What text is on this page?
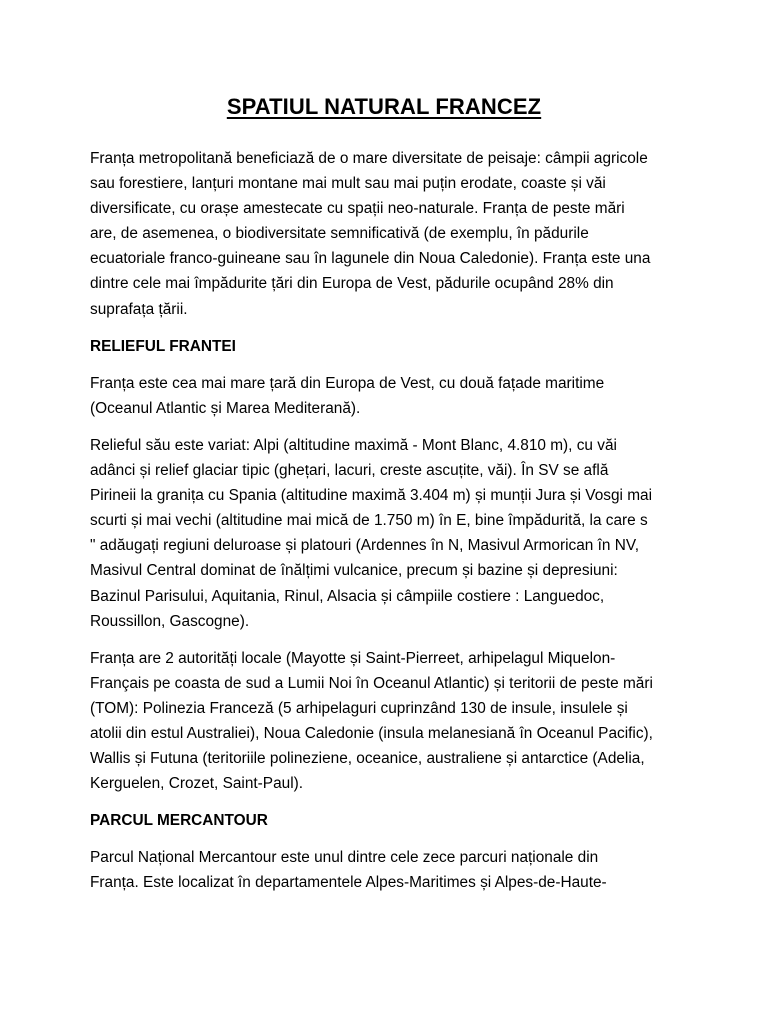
SPATIUL NATURAL FRANCEZ

Franța metropolitană beneficiază de o mare diversitate de peisaje: câmpii agricole
sau forestiere, lanțuri montane mai mult sau mai puțin erodate, coaste și văi
diversificate, cu orașe amestecate cu spații neo-naturale. Franța de peste mări
are, de asemenea, o biodiversitate semnificativă (de exemplu, în pădurile
ecuatoriale franco-guineane sau în lagunele din Noua Caledonie). Franța este una
dintre cele mai împădurite țări din Europa de Vest, pădurile ocupând 28% din
suprafața țării.

RELIEFUL FRANTEI

Franța este cea mai mare țară din Europa de Vest, cu două fațade maritime
(Oceanul Atlantic și Marea Mediterană).

Relieful său este variat: Alpi (altitudine maximă - Mont Blanc, 4.810 m), cu văi
adânci și relief glaciar tipic (ghețari, lacuri, creste ascuțite, văi). În SV se află
Pirineii la granița cu Spania (altitudine maximă 3.404 m) și munții Jura și Vosgi mai
scurti și mai vechi (altitudine mai mică de 1.750 m) în E, bine împădurită, la care s
" adăugați regiuni deluroase și platouri (Ardennes în N, Masivul Armorican în NV,
Masivul Central dominat de înălțimi vulcanice, precum și bazine și depresiuni:
Bazinul Parisului, Aquitania, Rinul, Alsacia și câmpiile costiere : Languedoc,
Roussillon, Gascogne).

Franța are 2 autorități locale (Mayotte și Saint-Pierreet, arhipelagul Miquelon-
Français pe coasta de sud a Lumii Noi în Oceanul Atlantic) și teritorii de peste mări
(TOM): Polinezia Franceză (5 arhipelaguri cuprinzând 130 de insule, insulele și
atolii din estul Australiei), Noua Caledonie (insula melanesiană în Oceanul Pacific),
Wallis și Futuna (teritoriile polineziene, oceanice, australiene și antarctice (Adelia,
Kerguelen, Crozet, Saint-Paul).

PARCUL MERCANTOUR

Parcul Național Mercantour este unul dintre cele zece parcuri naționale din
Franța. Este localizat în departamentele Alpes-Maritimes și Alpes-de-Haute-
